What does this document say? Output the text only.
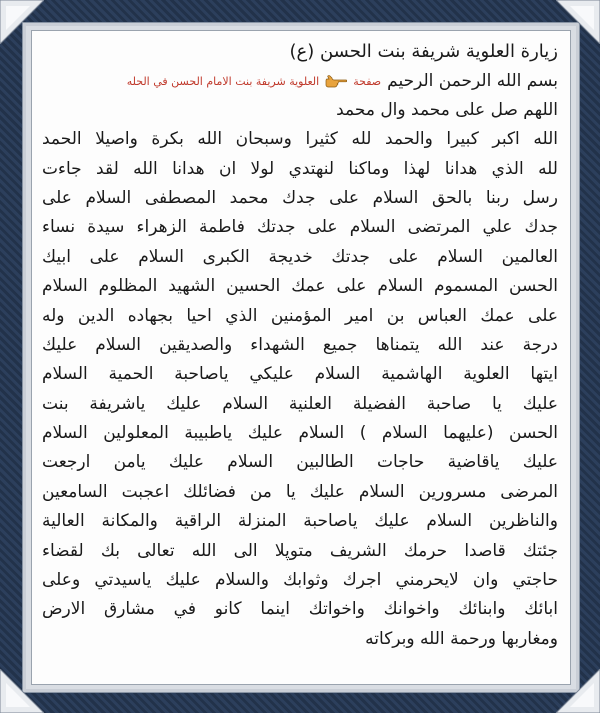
زيارة العلوية شريفة بنت الحسن (ع)
بسم الله الرحمن الرحيم
صفحة
العلوية شريفة بنت الامام الحسن في الحله
اللهم صل على محمد وال محمد
الله اكبر كبيرا والحمد لله كثيرا وسبحان الله بكرة واصيلا الحمد
لله الذي هدانا لهذا وماكنا لنهتدي لولا ان هدانا الله لقد جاءت
رسل ربنا بالحق السلام على جدك محمد المصطفى السلام على
جدك علي المرتضى السلام على جدتك فاطمة الزهراء سيدة نساء
العالمين السلام على جدتك خديجة الكبرى السلام على ابيك
الحسن المسموم السلام على عمك الحسين الشهيد المظلوم السلام
على عمك العباس بن امير المؤمنين الذي احيا بجهاده الدين وله
درجة عند الله يتمناها جميع الشهداء والصديقين السلام عليك
ايتها العلوية الهاشمية السلام عليكي ياصاحبة الحمية السلام
عليك يا صاحبة الفضيلة العلنية السلام عليك ياشريفة بنت
الحسن (عليهما السلام ) السلام عليك ياطبيبة المعلولين السلام
عليك ياقاضية حاجات الطالبين السلام عليك يامن ارجعت
المرضى مسرورين السلام عليك يا من فضائلك اعجبت السامعين
والناظرين السلام عليك ياصاحبة المنزلة الراقية والمكانة العالية
جئتك قاصدا حرمك الشريف متوپلا الى الله تعالى بك لقضاء
حاجتي وان لايحرمني اجرك وثوابك والسلام عليك ياسيدتي وعلى
ابائك وابنائك واخوانك واخواتك اينما كانو في مشارق الارض
ومغاربها ورحمة الله وبركاته
